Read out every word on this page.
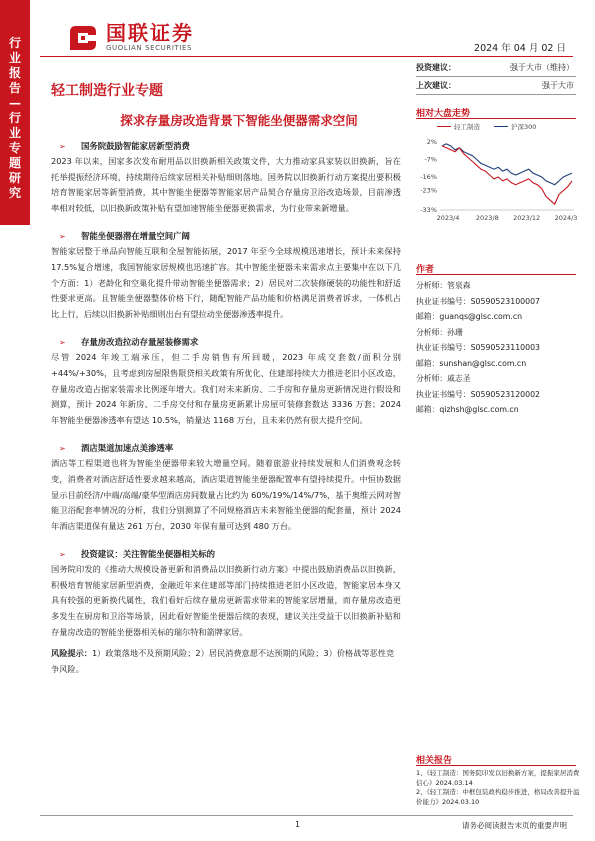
行业报告—行业专题研究
国联证券
GUOLIAN SECURITIES	2024 年 04 月 02 日
轻工制造行业专题
探求存量房改造背景下智能坐便器需求空间
➢	国务院鼓励智能家居新型消费

2023 年以来，国家多次发布耐用品以旧换新相关政策文件，大力推动家具家装以旧换新，旨在托举提振经济环境，持续期待后续家居相关补贴细则落地。国务院以旧换新行动方案提出要积极培育智能家居等新型消费，其中智能坐便器等智能家居产品契合存量房卫浴改造场景，目前渗透率相对较低，以旧换新政策补贴有望加速智能坐便器更换需求，为行业带来新增量。

➢	智能坐便器潜在增量空间广阔

智能家居整于单品向智能互联和全屋智能拓展，2017 年至今全球规模迅速增长，预计未来保持 17.5%复合增速，我国智能家居规模也迅速扩容。其中智能坐便器未来需求点主要集中在以下几个方面：1）老龄化和空巢化提升带动智能坐便器需求；2）居民对二次装修硬装的功能性和舒适性要求更高。且智能坐便器整体价格下行，随配智能产品功能和价格满足消费者诉求，一体机占比上行，后续以旧换新补贴细则出台有望拉动坐便器渗透率提升。

➢	存量房改造拉动存量屋装修需求

尽管 2024 年竣工端承压，但二手房销售有所回暖，2023 年成交套数/面积分别+44%/+30%，且考虑到房屋限售限贷相关政策有所优化、住建部持续大力推进老旧小区改造，存量房改造占据家装需求比例逐年增大。我们对未来新房、二手房和存量房更新情况进行假设和测算，预计 2024 年新房、二手房交付和存量房更新累计房屋可装修套数达 3336 万套；2024 年智能坐便器渗透率有望达 10.5%，销量达 1168 万台，且未来仍然有很大提升空间。

➢	酒店渠道加速点美渗透率

酒店等工程渠道也将为智能坐便器带来较大增量空间。随着旅游业持续发展和人们消费观念转变，消费者对酒店舒适性要求越来越高，酒店渠道智能坐便器配置率有望持续提升。中恒协数据显示目前经济/中端/高端/豪华型酒店房间数量占比约为 60%/19%/14%/7%，基于奥维云网对智能卫浴配套率情况的分析，我们分别测算了不同规格酒店未来智能坐便器的配套量，预计 2024 年酒店渠道保有量达 261 万台，2030 年保有量可达到 480 万台。

➢	投资建议：关注智能坐便器相关标的

国务院印发的《推动大规模设备更新和消费品以旧换新行动方案》中提出鼓励消费品以旧换新，积极培育智能家居新型消费，金融近年来住建部等部门持续推进老旧小区改造，智能家居本身又具有较强的更新换代属性，我们看好后续存量房更新需求带来的智能家居增量，而存量房改造更多发生在厨房和卫浴等场景，因此看好智能坐便器后续的表现，建议关注受益于以旧换新补贴和存量房改造的智能坐便器相关标的瑞尔特和箭牌家居。

风险提示：1）政策落地不及预期风险；2）居民消费意愿不达预期的风险；3）价格战等恶性竞争风险。
投资建议：	强于大市（维持）
上次建议：	强于大市
相对大盘走势
2%
-7%
-16%
-23%
-33%
2023/4	2023/8 2023/12 2024/3
轻工制造	沪深300
作者
分析师：管泉森
执业证书编号：S0590523100007
邮箱：guanqs@glsc.com.cn
分析师：孙珊
执业证书编号：S0590523110003
邮箱：sunshan@glsc.com.cn
分析师：戚志圣
执业证书编号：S0590523120002
邮箱：qizhsh@glsc.com.cn
相关报告
1、《轻工制造：国务院印发以旧换新方案，提振家居消费信心》2024.03.14
2、《轻工制造：中框包装政构稳步推进，格局改善提升溢价能力》2024.03.10
1	请务必阅读报告末页的重要声明
